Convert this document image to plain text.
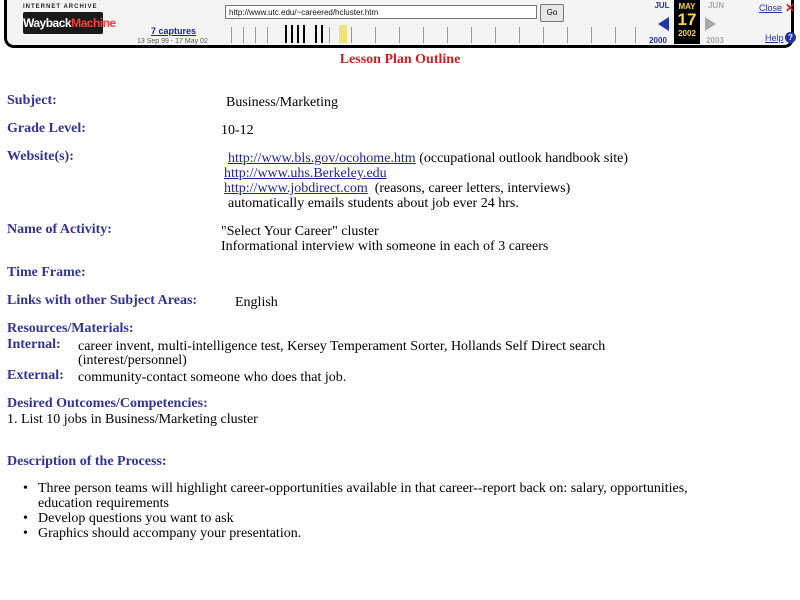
INTERNET ARCHIVE
WaybackMachine
7 captures
13 Sep 99 - 17 May 02
http://www.utc.edu/~careered/hcluster.htm	Go
JUL
2000
MAY
17
2002
JUN
2003
Close ✕
Help ?
Lesson Plan Outline
Subject:	Business/Marketing
Grade Level:	10-12
Website(s):	http://www.bls.gov/ocohome.htm (occupational outlook handbook site)
http://www.uhs.Berkeley.edu
http://www.jobdirect.com (reasons, career letters, interviews)
automatically emails students about job ever 24 hrs.
Name of Activity:	"Select Your Career" cluster
Informational interview with someone in each of 3 careers
Time Frame:
Links with other Subject Areas:	English
Resources/Materials:
Internal: career invent, multi-intelligence test, Kersey Temperament Sorter, Hollands Self Direct search
(interest/personnel)
External: community-contact someone who does that job.
Desired Outcomes/Competencies:
1. List 10 jobs in Business/Marketing cluster
Description of the Process:
• Three person teams will highlight career-opportunities available in that career--report back on: salary, opportunities,
education requirements
• Develop questions you want to ask
• Graphics should accompany your presentation.
